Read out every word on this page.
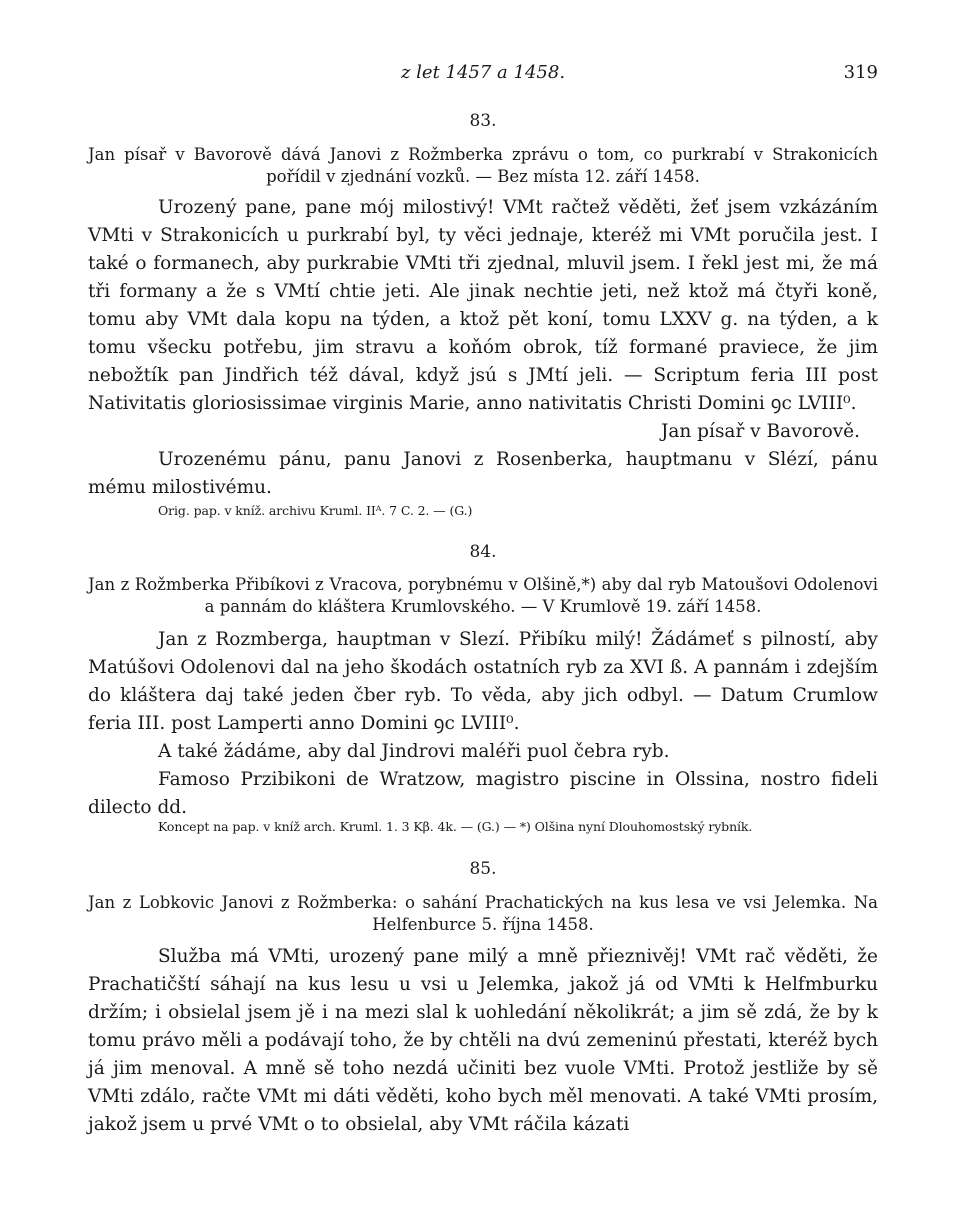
z let 1457 a 1458.	319
83.
Jan písař v Bavorově dává Janovi z Rožmberka zprávu o tom, co purkrabí v Strakonicích pořídil v zjednání vozků. — Bez místa 12. září 1458.

Urozený pane, pane mój milostivý! VMt račtež věděti, žeť jsem vzkázáním VMti v Strakonicích u purkrabí byl, ty věci jednaje, kteréž mi VMt poručila jest. I také o formanech, aby purkrabie VMti tři zjednal, mluvil jsem. I řekl jest mi, že má tři formany a že s VMtí chtie jeti. Ale jinak nechtie jeti, než ktož má čtyři koně, tomu aby VMt dala kopu na týden, a ktož pět koní, tomu LXXV g. na týden, a k tomu všecku potřebu, jim stravu a koňóm obrok, tíž formané praviece, že jim nebožtík pan Jindřich též dával, když jsú s JMtí jeli. — Scriptum feria III post Nativitatis gloriosissimae virginis Marie, anno nativitatis Christi Domini ꝯc LVIII⁰.

Jan písař v Bavorově.

Urozenému pánu, panu Janovi z Rosenberka, hauptmanu v Slézí, pánu mému milostivému.

Orig. pap. v kníž. archivu Kruml. IIᴬ. 7 C. 2. — (G.)
84.
Jan z Rožmberka Přibíkovi z Vracova, porybnému v Olšině,*) aby dal ryb Matoušovi Odolenovi a pannám do kláštera Krumlovského. — V Krumlově 19. září 1458.

Jan z Rozmberga, hauptman v Slezí. Přibíku milý! Žádámeť s pilností, aby Matúšovi Odolenovi dal na jeho škodách ostatních ryb za XVI ß. A pannám i zdejším do kláštera daj také jeden čber ryb. To věda, aby jich odbyl. — Datum Crumlow feria III. post Lamperti anno Domini ꝯc LVIII⁰.

A také žádáme, aby dal Jindrovi maléři puol čebra ryb.

Famoso Przibikoni de Wratzow, magistro piscine in Olssina, nostro fideli dilecto dd.

Koncept na pap. v kníž arch. Kruml. 1. 3 Kβ. 4k. — (G.) — *) Olšina nyní Dlouhomostský rybník.
85.
Jan z Lobkovic Janovi z Rožmberka: o sahání Prachatických na kus lesa ve vsi Jelemka. Na Helfenburce 5. října 1458.

Služba má VMti, urozený pane milý a mně přieznivěj! VMt rač věděti, že Prachatičští sáhají na kus lesu u vsi u Jelemka, jakož já od VMti k Helfmburku držím; i obsielal jsem jě i na mezi slal k uohledání několikrát; a jim sě zdá, že by k tomu právo měli a podávají toho, že by chtěli na dvú zemeninú přestati, kteréž bych já jim menoval. A mně sě toho nezdá učiniti bez vuole VMti. Protož jestliže by sě VMti zdálo, račte VMt mi dáti věděti, koho bych měl menovati. A také VMti prosím, jakož jsem u prvé VMt o to obsielal, aby VMt ráčila kázati
